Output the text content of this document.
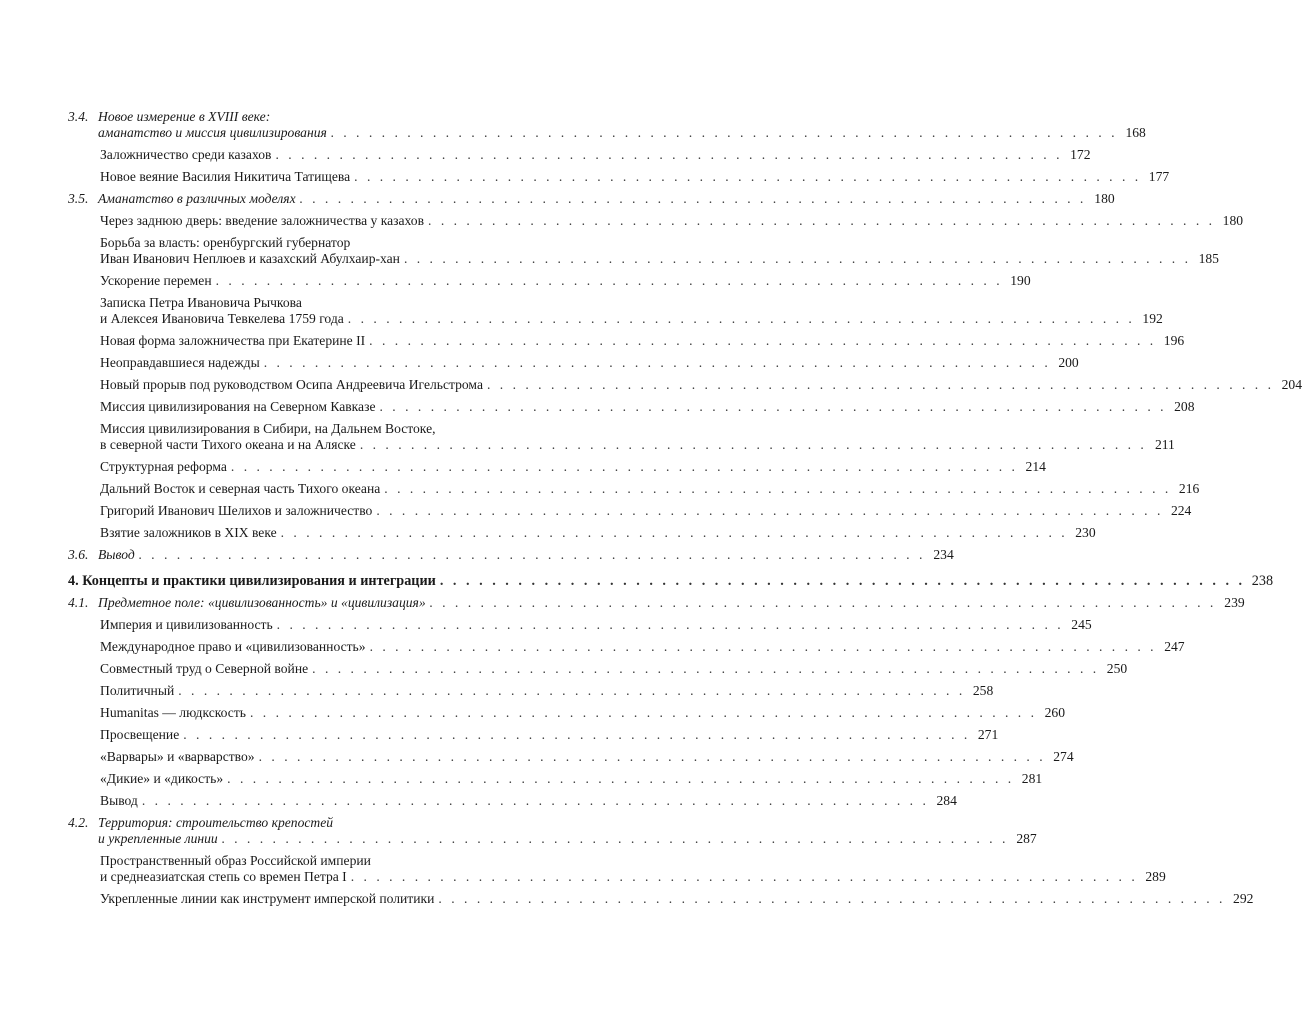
3.4. Новое измерение в XVIII веке:
аманатство и миссия цивилизирования . . . . . . . . . . . . . . . . . . . . . . . . . . . . . . . . . . . . . . . . . . . . . . . . . . . . . . . . . . . . . . 168
Заложничество среди казахов . . . . . . . . . . . . . . . . . . . . . . . . . . . . . . . . . . . . . . . . . . . . . . . . . . . . . . . . . . . . . . 172
Новое веяние Василия Никитича Татищева . . . . . . . . . . . . . . . . . . . . . . . . . . . . . . . . . . . . . . . . . . . . . . . . . . . . . . . . . . . . . . 177
3.5. Аманатство в различных моделях . . . . . . . . . . . . . . . . . . . . . . . . . . . . . . . . . . . . . . . . . . . . . . . . . . . . . . . . . . . . . . 180
Через заднюю дверь: введение заложничества у казахов . . . . . . . . . . . . . . . . . . . . . . . . . . . . . . . . . . . . . . . . . . . . . . . . . . . . . . . . . . . . . . 180
Борьба за власть: оренбургский губернатор
Иван Иванович Неплюев и казахский Абулхаир-хан . . . . . . . . . . . . . . . . . . . . . . . . . . . . . . . . . . . . . . . . . . . . . . . . . . . . . . . . . . . . . . 185
Ускорение перемен . . . . . . . . . . . . . . . . . . . . . . . . . . . . . . . . . . . . . . . . . . . . . . . . . . . . . . . . . . . . . . 190
Записка Петра Ивановича Рычкова
и Алексея Ивановича Тевкелева 1759 года . . . . . . . . . . . . . . . . . . . . . . . . . . . . . . . . . . . . . . . . . . . . . . . . . . . . . . . . . . . . . . 192
Новая форма заложничества при Екатерине II . . . . . . . . . . . . . . . . . . . . . . . . . . . . . . . . . . . . . . . . . . . . . . . . . . . . . . . . . . . . . . 196
Неоправдавшиеся надежды . . . . . . . . . . . . . . . . . . . . . . . . . . . . . . . . . . . . . . . . . . . . . . . . . . . . . . . . . . . . . . 200
Новый прорыв под руководством Осипа Андреевича Игельстрома . . . . . . . . . . . . . . . . . . . . . . . . . . . . . . . . . . . . . . . . . . . . . . . . . . . . . . . . . . . . . . 204
Миссия цивилизирования на Северном Кавказе . . . . . . . . . . . . . . . . . . . . . . . . . . . . . . . . . . . . . . . . . . . . . . . . . . . . . . . . . . . . . . 208
Миссия цивилизирования в Сибири, на Дальнем Востоке,
в северной части Тихого океана и на Аляске . . . . . . . . . . . . . . . . . . . . . . . . . . . . . . . . . . . . . . . . . . . . . . . . . . . . . . . . . . . . . . 211
Структурная реформа . . . . . . . . . . . . . . . . . . . . . . . . . . . . . . . . . . . . . . . . . . . . . . . . . . . . . . . . . . . . . . 214
Дальний Восток и северная часть Тихого океана . . . . . . . . . . . . . . . . . . . . . . . . . . . . . . . . . . . . . . . . . . . . . . . . . . . . . . . . . . . . . . 216
Григорий Иванович Шелихов и заложничество . . . . . . . . . . . . . . . . . . . . . . . . . . . . . . . . . . . . . . . . . . . . . . . . . . . . . . . . . . . . . . 224
Взятие заложников в XIX веке . . . . . . . . . . . . . . . . . . . . . . . . . . . . . . . . . . . . . . . . . . . . . . . . . . . . . . . . . . . . . . 230
3.6. Вывод . . . . . . . . . . . . . . . . . . . . . . . . . . . . . . . . . . . . . . . . . . . . . . . . . . . . . . . . . . . . . . 234
4. Концепты и практики цивилизирования и интеграции . . . . . . . . . . . . . . . . . . . . . . . . . . . . . . . . . . . . . . . . . . . . . . . . . . . . . . . . . . . . . . 238
4.1. Предметное поле: «цивилизованность» и «цивилизация» . . . . . . . . . . . . . . . . . . . . . . . . . . . . . . . . . . . . . . . . . . . . . . . . . . . . . . . . . . . . . . 239
Империя и цивилизованность . . . . . . . . . . . . . . . . . . . . . . . . . . . . . . . . . . . . . . . . . . . . . . . . . . . . . . . . . . . . . . 245
Международное право и «цивилизованность» . . . . . . . . . . . . . . . . . . . . . . . . . . . . . . . . . . . . . . . . . . . . . . . . . . . . . . . . . . . . . . 247
Совместный труд о Северной войне . . . . . . . . . . . . . . . . . . . . . . . . . . . . . . . . . . . . . . . . . . . . . . . . . . . . . . . . . . . . . . 250
Политичный . . . . . . . . . . . . . . . . . . . . . . . . . . . . . . . . . . . . . . . . . . . . . . . . . . . . . . . . . . . . . . 258
Humanitas — людкскость . . . . . . . . . . . . . . . . . . . . . . . . . . . . . . . . . . . . . . . . . . . . . . . . . . . . . . . . . . . . . . 260
Просвещение . . . . . . . . . . . . . . . . . . . . . . . . . . . . . . . . . . . . . . . . . . . . . . . . . . . . . . . . . . . . . . 271
«Варвары» и «варварство» . . . . . . . . . . . . . . . . . . . . . . . . . . . . . . . . . . . . . . . . . . . . . . . . . . . . . . . . . . . . . . 274
«Дикие» и «дикость» . . . . . . . . . . . . . . . . . . . . . . . . . . . . . . . . . . . . . . . . . . . . . . . . . . . . . . . . . . . . . . 281
Вывод . . . . . . . . . . . . . . . . . . . . . . . . . . . . . . . . . . . . . . . . . . . . . . . . . . . . . . . . . . . . . . 284
4.2. Территория: строительство крепостей
и укрепленные линии . . . . . . . . . . . . . . . . . . . . . . . . . . . . . . . . . . . . . . . . . . . . . . . . . . . . . . . . . . . . . . 287
Пространственный образ Российской империи
и среднеазиатская степь со времен Петра I . . . . . . . . . . . . . . . . . . . . . . . . . . . . . . . . . . . . . . . . . . . . . . . . . . . . . . . . . . . . . . 289
Укрепленные линии как инструмент имперской политики . . . . . . . . . . . . . . . . . . . . . . . . . . . . . . . . . . . . . . . . . . . . . . . . . . . . . . . . . . . . . . 292
